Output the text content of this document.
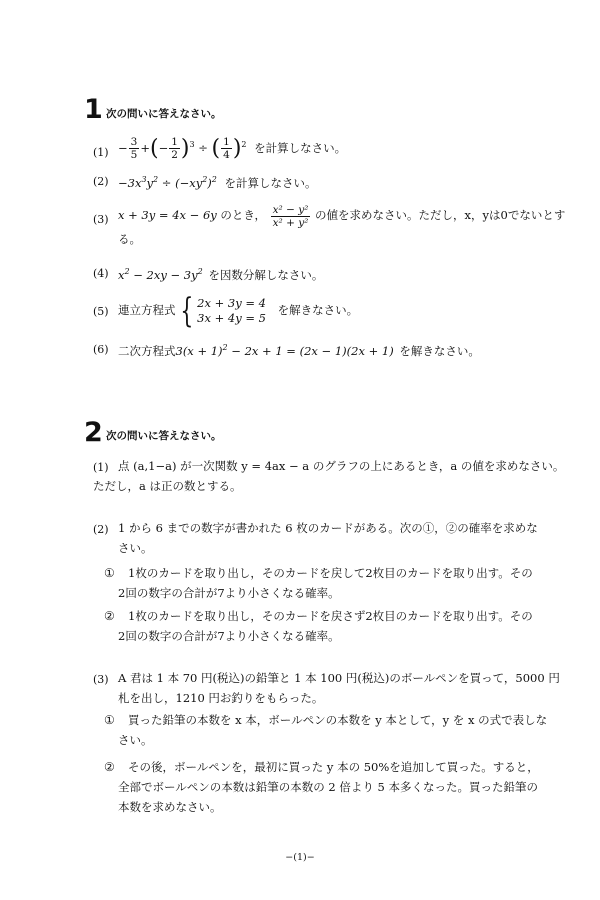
1 次の問いに答えなさい。
$(1) - \frac{3}{5}$ +(− $\frac{1}{2} )^3$ ÷ ( $\frac{1}{4} )^2$ を計算しなさい。
$(2) -3x^3y^2 \div (-xy^2)^2$ を計算しなさい。
(3) x + 3y = 4x − 6y のとき， $\frac{\text{x² − y²}}{\text{x² + y²}}$ の値を求めなさい。ただし，x，yは0でないとす
る。
(4) $x^2 - 2xy - 3y^2$ を因数分解しなさい。
(5) 連立方程式 { 2x + 3y = 4
3x + 4y = 5
を解きなさい。
(6) 二次方程式$3(x + 1)^2 - 2x + 1 = (2x - 1)(2x + 1)$ を解きなさい。
2 次の問いに答えなさい。
(1) 点 (a,1−a) が一次関数 y = 4ax − a のグラフの上にあるとき，a の値を求めなさい。
ただし，a は正の数とする。
(2) 1 から 6 までの数字が書かれた 6 枚のカードがある。次の①，②の確率を求めな
さい。
① 1枚のカードを取り出し，そのカードを戻して2枚目のカードを取り出す。その
2回の数字の合計が7より小さくなる確率。
② 1枚のカードを取り出し，そのカードを戻さず2枚目のカードを取り出す。その
2回の数字の合計が7より小さくなる確率。
(3) A 君は 1 本 70 円(税込)の鉛筆と 1 本 100 円(税込)のボールペンを買って，5000 円
札を出し，1210 円お釣りをもらった。
① 買った鉛筆の本数を x 本，ボールペンの本数を y 本として，y を x の式で表しな
さい。
② その後，ボールペンを，最初に買った y 本の 50%を追加して買った。すると，
全部でボールペンの本数は鉛筆の本数の 2 倍より 5 本多くなった。買った鉛筆の
本数を求めなさい。
−(1)−
